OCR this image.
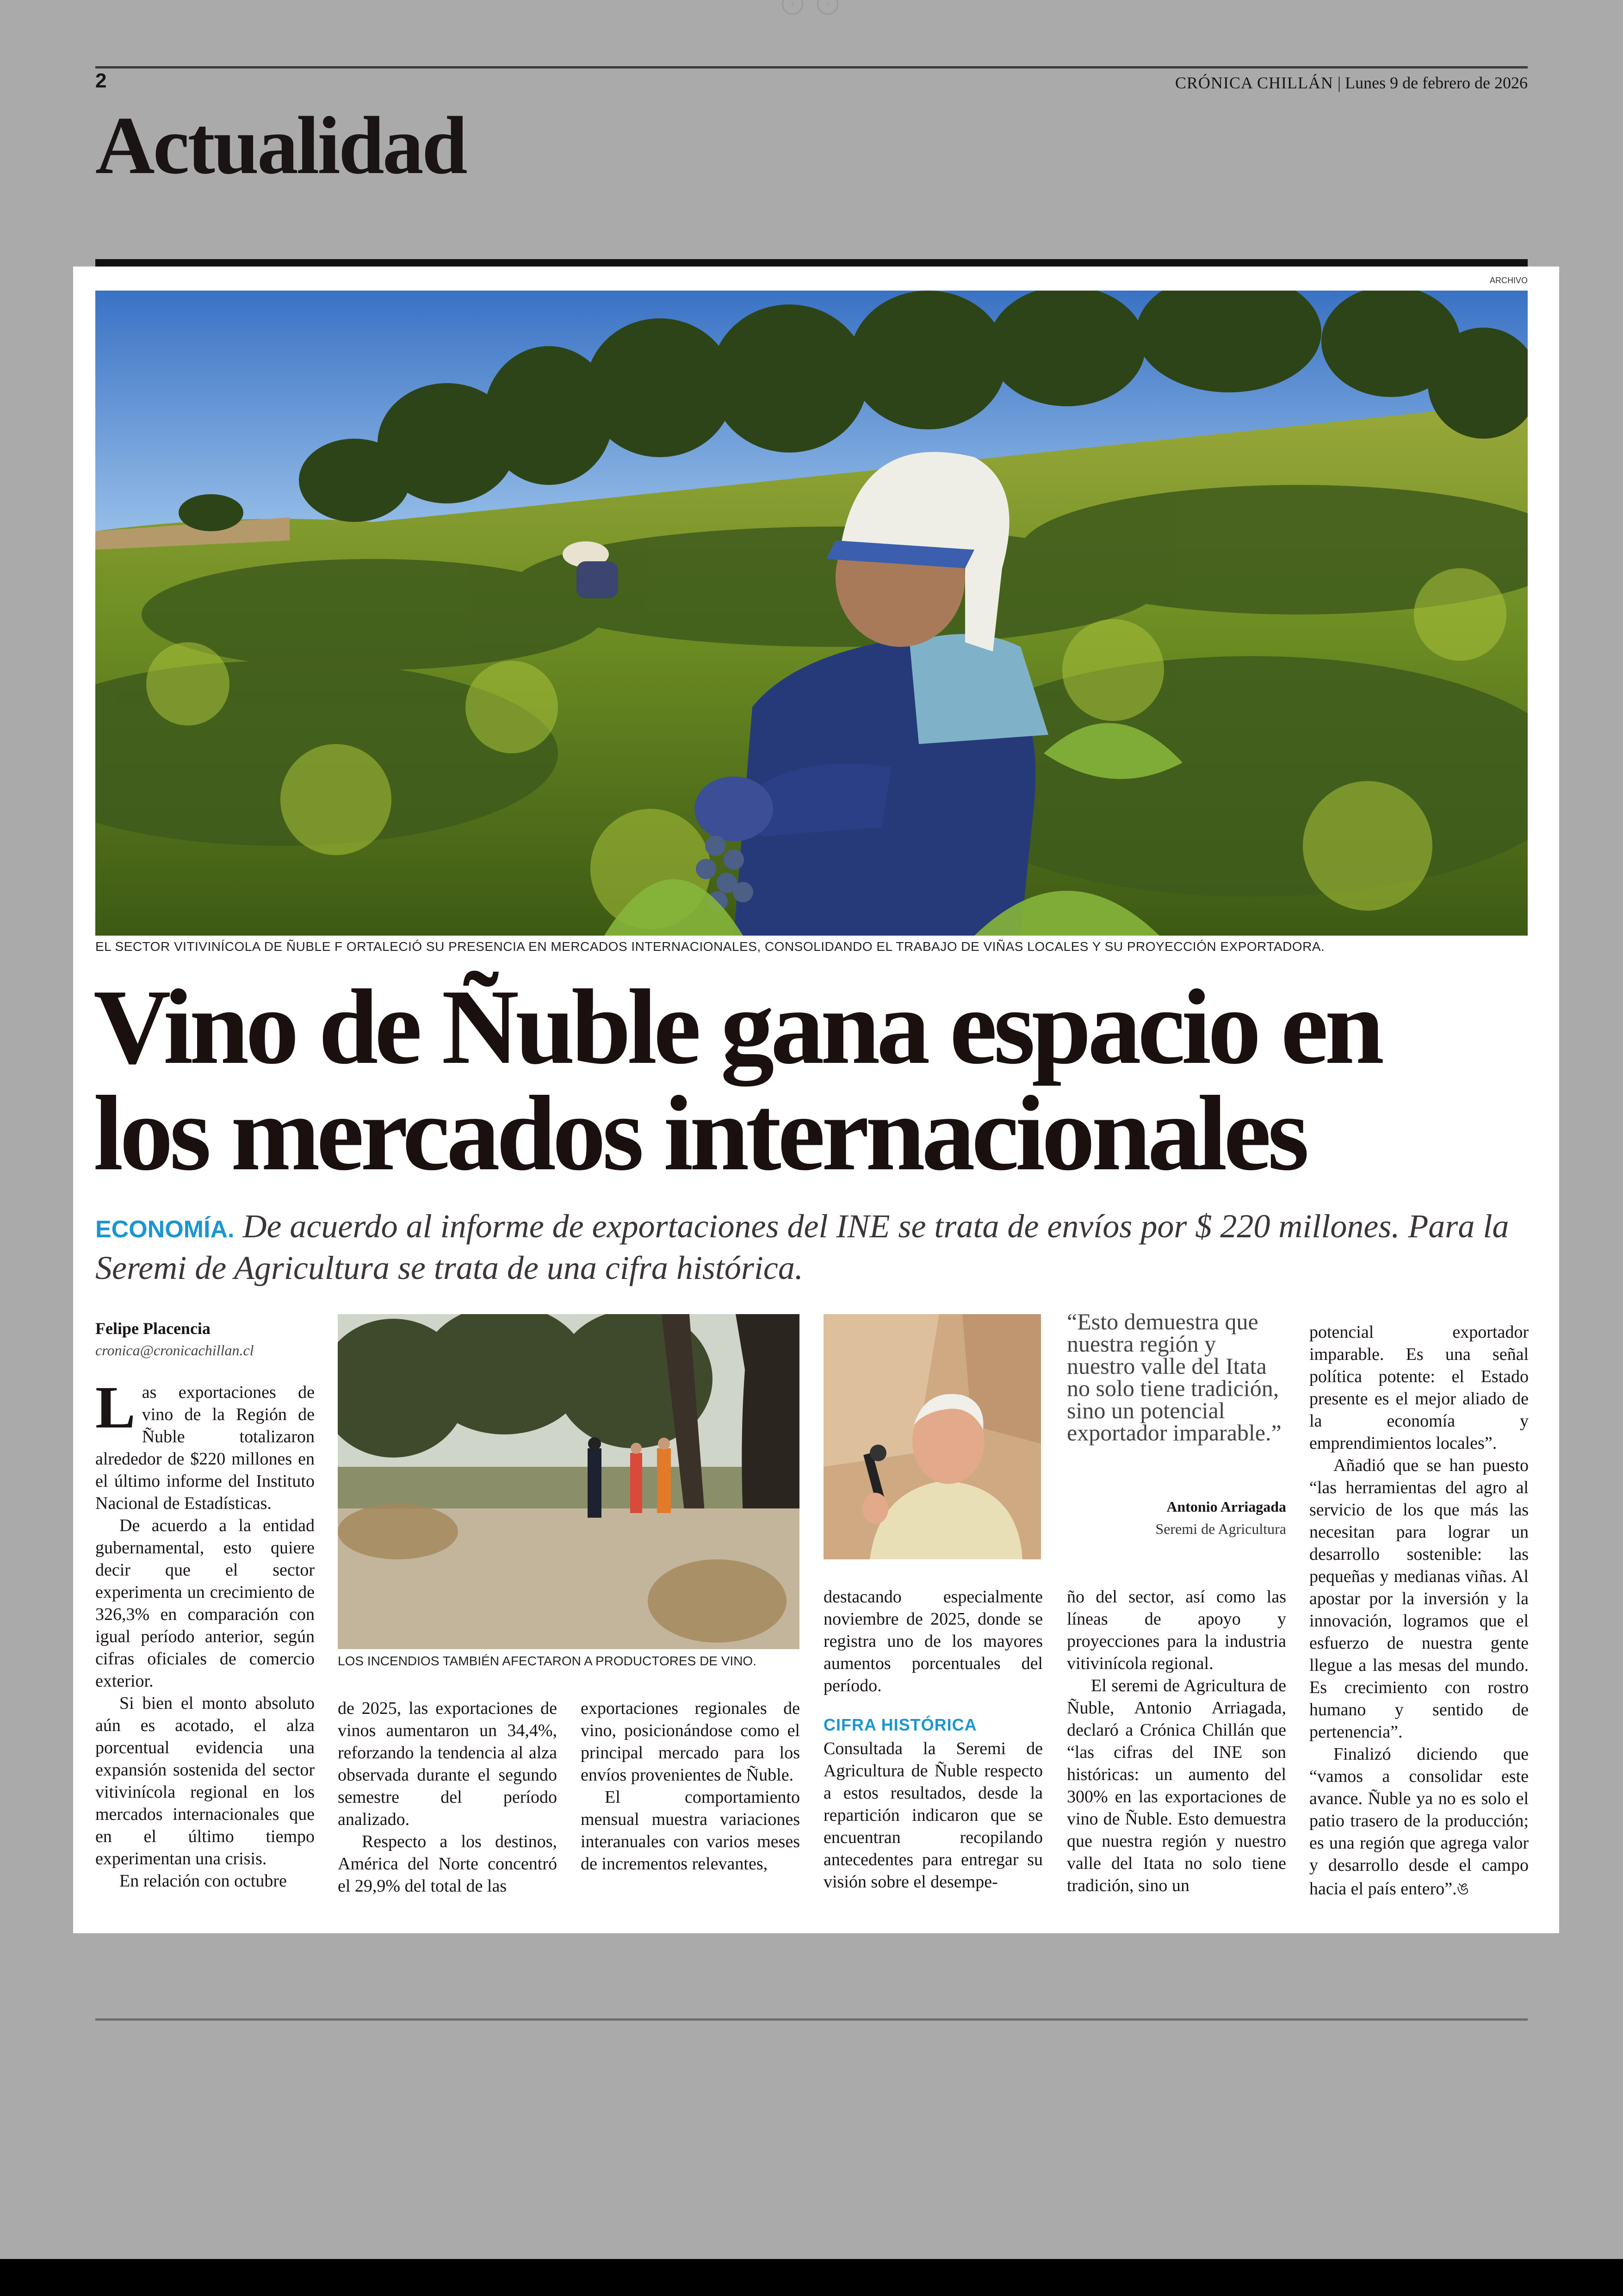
‹	›
2	CRÓNICA CHILLÁN | Lunes 9 de febrero de 2026
Actualidad
ARCHIVO
EL SECTOR VITIVINÍCOLA DE ÑUBLE F ORTALECIÓ SU PRESENCIA EN MERCADOS INTERNACIONALES, CONSOLIDANDO EL TRABAJO DE VIÑAS LOCALES Y SU PROYECCIÓN EXPORTADORA.
Vino de Ñuble gana espacio en
los mercados internacionales

ECONOMÍA. De acuerdo al informe de exportaciones del INE se trata de envíos por $ 220 millones. Para la Seremi de Agricultura se trata de una cifra histórica.

Felipe Placencia
cronica@cronicachillan.cl

Las exportaciones de vino de la Región de Ñuble totalizaron alrededor de $220 millones en el último informe del Instituto Nacional de Estadísticas.

De acuerdo a la entidad gubernamental, esto quiere decir que el sector experimenta un crecimiento de 326,3% en comparación con igual período anterior, según cifras oficiales de comercio exterior.

Si bien el monto absoluto aún es acotado, el alza porcentual evidencia una expansión sostenida del sector vitivinícola regional en los mercados internacionales que en el último tiempo experimentan una crisis.

En relación con octubre

LOS INCENDIOS TAMBIÉN AFECTARON A PRODUCTORES DE VINO.

“Esto demuestra que nuestra región y nuestro valle del Itata no solo tiene tradición, sino un potencial exportador imparable.”

Antonio Arriagada
Seremi de Agricultura

de 2025, las exportaciones de vinos aumentaron un 34,4%, reforzando la tendencia al alza observada durante el segundo semestre del período analizado.

Respecto a los destinos, América del Norte concentró el 29,9% del total de las

exportaciones regionales de vino, posicionándose como el principal mercado para los envíos provenientes de Ñuble.

El comportamiento mensual muestra variaciones interanuales con varios meses de incrementos relevantes,

destacando especialmente noviembre de 2025, donde se registra uno de los mayores aumentos porcentuales del período.

CIFRA HISTÓRICA

Consultada la Seremi de Agricultura de Ñuble respecto a estos resultados, desde la repartición indicaron que se encuentran recopilando antecedentes para entregar su visión sobre el desempe-

ño del sector, así como las líneas de apoyo y proyecciones para la industria vitivinícola regional.

El seremi de Agricultura de Ñuble, Antonio Arriagada, declaró a Crónica Chillán que “las cifras del INE son históricas: un aumento del 300% en las exportaciones de vino de Ñuble. Esto demuestra que nuestra región y nuestro valle del Itata no solo tiene tradición, sino un

potencial exportador imparable. Es una señal política potente: el Estado presente es el mejor aliado de la economía y emprendimientos locales”.

Añadió que se han puesto “las herramientas del agro al servicio de los que más las necesitan para lograr un desarrollo sostenible: las pequeñas y medianas viñas. Al apostar por la inversión y la innovación, logramos que el esfuerzo de nuestra gente llegue a las mesas del mundo. Es crecimiento con rostro humano y sentido de pertenencia”.

Finalizó diciendo que “vamos a consolidar este avance. Ñuble ya no es solo el patio trasero de la producción; es una región que agrega valor y desarrollo desde el campo hacia el país entero”.ঙ
